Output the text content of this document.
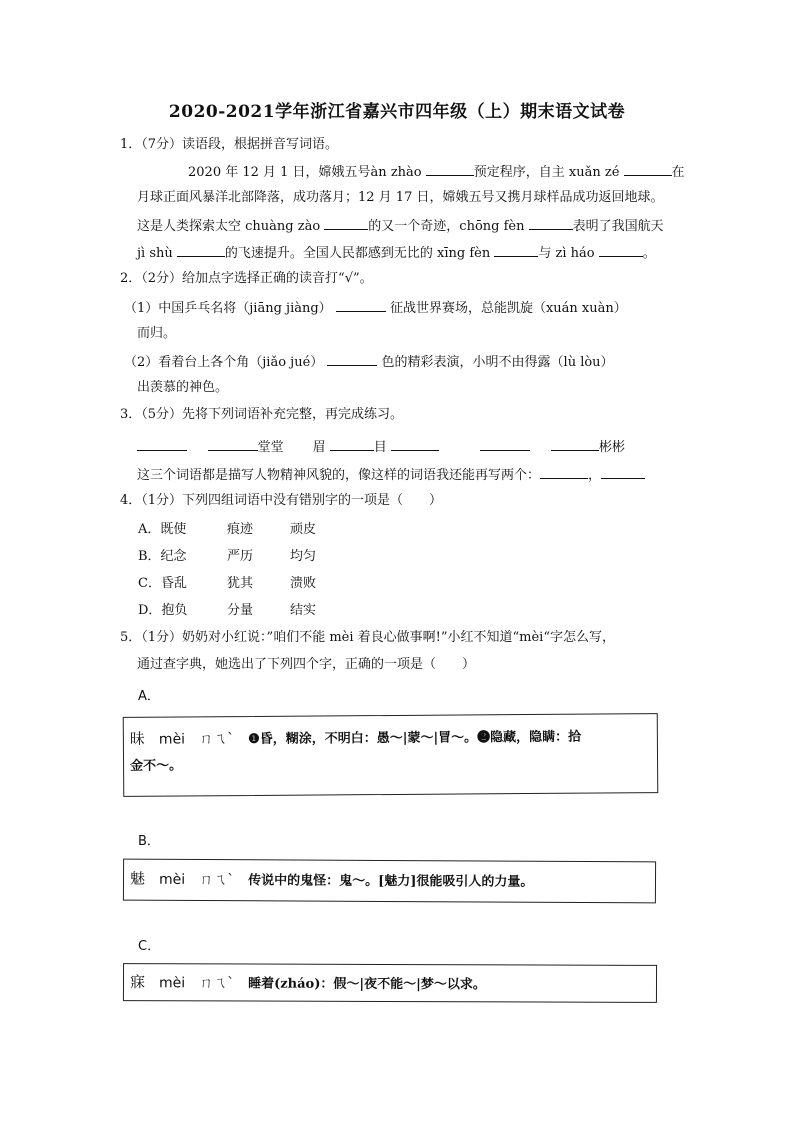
2020-2021学年浙江省嘉兴市四年级（上）期末语文试卷
1．（7分）读语段，根据拼音写词语。
2020 年 12 月 1 日，嫦娥五号àn zhào	预定程序，自主 xuǎn zé	在
月球正面风暴洋北部降落，成功落月；12 月 17 日，嫦娥五号又携月球样品成功返回地球。
这是人类探索太空 chuàng zào	的又一个奇迹，chōng fèn	表明了我国航天
jì shù	的飞速提升。全国人民都感到无比的 xīng fèn	与 zì háo	。
2．（2分）给加点字选择正确的读音打“√”。
（1）中国乒乓名将（jiāng jiàng）	征战世界赛场，总能凯旋（xuán xuàn）
而归。
（2）看着台上各个角（jiǎo jué）	色的精彩表演，小明不由得露（lù lòu）
出羡慕的神色。
3．（5分）先将下列词语补充完整，再完成练习。
堂堂 眉	目	彬彬
这三个词语都是描写人物精神风貌的，像这样的词语我还能再写两个：	，
4．（1分）下列四组词语中没有错别字的一项是（　　）
A．既使	痕迹	顽皮
B．纪念	严历	均匀
C．昏乱	犹其	溃败
D．抱负	分量	结实
5．（1分）奶奶对小红说：”咱们不能 mèi 着良心做事啊!”小红不知道“mèi“字怎么写，
通过查字典，她选出了下列四个字，正确的一项是（　　）
A．
昧 mèi ㄇㄟˋ ❶昏，糊涂，不明白：愚～|蒙～|冒～。❷隐藏，隐瞒：拾
金不～。
B．
魅 mèi ㄇㄟˋ 传说中的鬼怪：鬼～。[魅力]很能吸引人的力量。
C．
寐 mèi ㄇㄟˋ 睡着(zháo)：假～|夜不能～|梦～以求。
